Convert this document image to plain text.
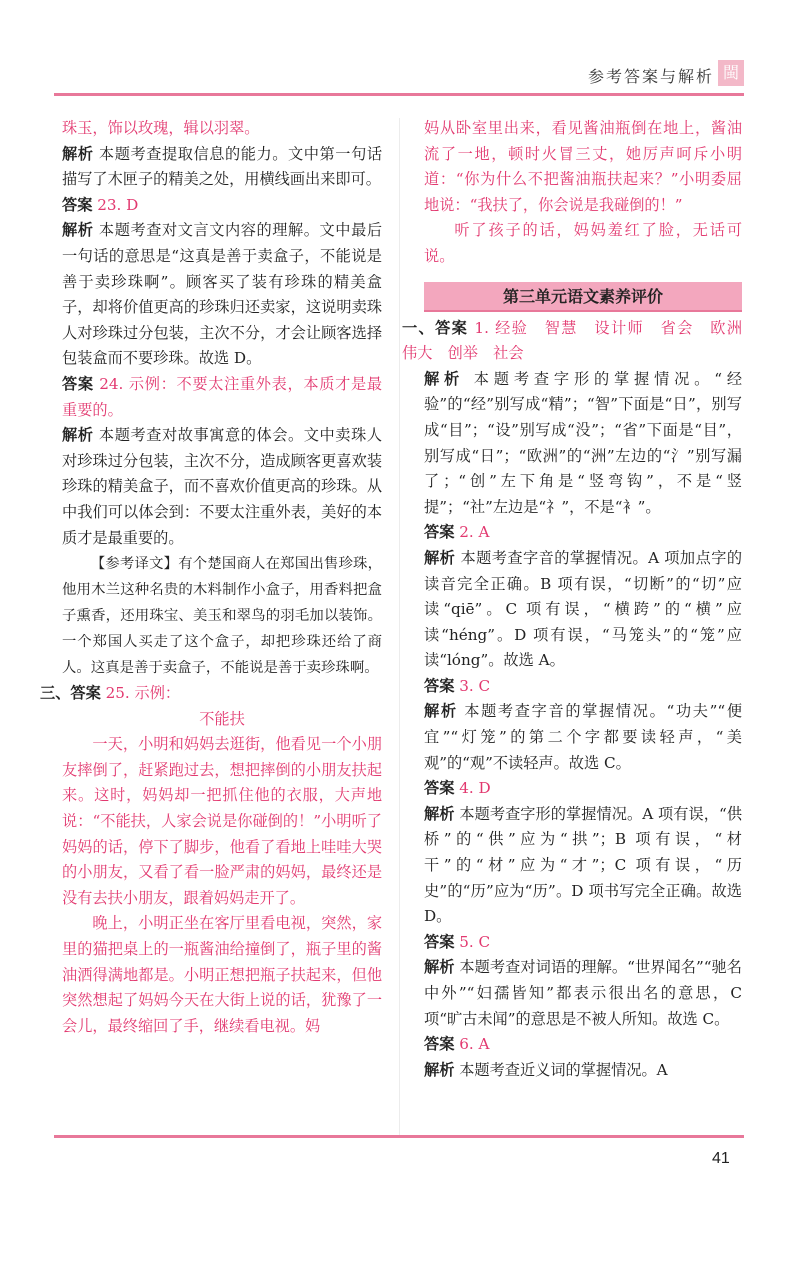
参考答案与解析 閩

珠玉，饰以玫瑰，辑以羽翠。

解析 本题考查提取信息的能力。文中第一句话描写了木匣子的精美之处，用横线画出来即可。

答案 23. D

解析 本题考查对文言文内容的理解。文中最后一句话的意思是“这真是善于卖盒子，不能说是善于卖珍珠啊”。顾客买了装有珍珠的精美盒子，却将价值更高的珍珠归还卖家，这说明卖珠人对珍珠过分包装，主次不分，才会让顾客选择包装盒而不要珍珠。故选 D。

答案 24. 示例：不要太注重外表，本质才是最重要的。

解析 本题考查对故事寓意的体会。文中卖珠人对珍珠过分包装，主次不分，造成顾客更喜欢装珍珠的精美盒子，而不喜欢价值更高的珍珠。从中我们可以体会到：不要太注重外表，美好的本质才是最重要的。

【参考译文】有个楚国商人在郑国出售珍珠，他用木兰这种名贵的木料制作小盒子，用香料把盒子熏香，还用珠宝、美玉和翠鸟的羽毛加以装饰。一个郑国人买走了这个盒子，却把珍珠还给了商人。这真是善于卖盒子，不能说是善于卖珍珠啊。

三、答案 25. 示例：

不能扶

一天，小明和妈妈去逛街，他看见一个小朋友摔倒了，赶紧跑过去，想把摔倒的小朋友扶起来。这时，妈妈却一把抓住他的衣服，大声地说：“不能扶，人家会说是你碰倒的！”小明听了妈妈的话，停下了脚步，他看了看地上哇哇大哭的小朋友，又看了看一脸严肃的妈妈，最终还是没有去扶小朋友，跟着妈妈走开了。

晚上，小明正坐在客厅里看电视，突然，家里的猫把桌上的一瓶酱油给撞倒了，瓶子里的酱油洒得满地都是。小明正想把瓶子扶起来，但他突然想起了妈妈今天在大街上说的话，犹豫了一会儿，最终缩回了手，继续看电视。妈

妈从卧室里出来，看见酱油瓶倒在地上，酱油流了一地，顿时火冒三丈，她厉声呵斥小明道：“你为什么不把酱油瓶扶起来？”小明委屈地说：“我扶了，你会说是我碰倒的！”

听了孩子的话，妈妈羞红了脸，无话可说。

第三单元语文素养评价

一、答案 1. 经验　智慧　设计师　省会　欧洲　伟大　创举　社会

解析 本题考查字形的掌握情况。“经验”的“经”别写成“精”；“智”下面是“日”，别写成“目”；“设”别写成“没”；“省”下面是“目”，别写成“日”；“欧洲”的“洲”左边的“氵”别写漏了；“创”左下角是“竖弯钩”，不是“竖提”；“社”左边是“礻”，不是“衤”。

答案 2. A

解析 本题考查字音的掌握情况。A 项加点字的读音完全正确。B 项有误，“切断”的“切”应读“qiē”。C 项有误，“横跨”的“横”应读“héng”。D 项有误，“马笼头”的“笼”应读“lóng”。故选 A。

答案 3. C

解析 本题考查字音的掌握情况。“功夫”“便宜”“灯笼”的第二个字都要读轻声，“美观”的“观”不读轻声。故选 C。

答案 4. D

解析 本题考查字形的掌握情况。A 项有误，“供桥”的“供”应为“拱”；B 项有误，“材干”的“材”应为“才”；C 项有误，“历史”的“历”应为“历”。D 项书写完全正确。故选 D。

答案 5. C

解析 本题考查对词语的理解。“世界闻名”“驰名中外”“妇孺皆知”都表示很出名的意思，C 项“旷古未闻”的意思是不被人所知。故选 C。

答案 6. A

解析 本题考查近义词的掌握情况。A

41
